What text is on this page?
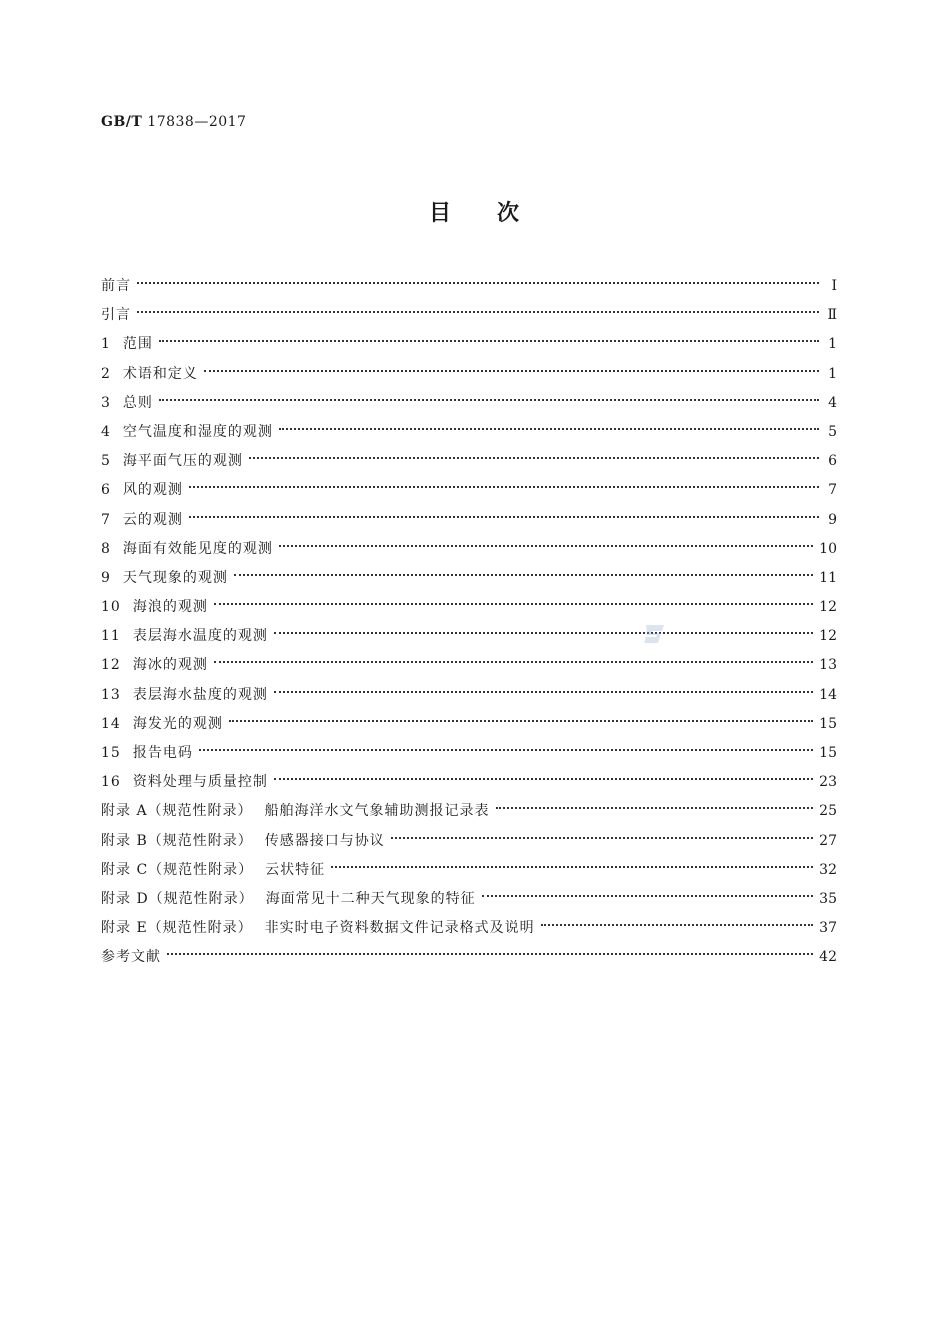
GB/T 17838—2017
目 次
前言	Ⅰ
引言	Ⅱ
1 范围	1
2 术语和定义	1
3 总则	4
4 空气温度和湿度的观测	5
5 海平面气压的观测	6
6 风的观测	7
7 云的观测	9
8 海面有效能见度的观测	10
9 天气现象的观测	11
10 海浪的观测	12
11 表层海水温度的观测	12
12 海冰的观测	13
13 表层海水盐度的观测	14
14 海发光的观测	15
15 报告电码	15
16 资料处理与质量控制	23
附录 A（规范性附录） 船舶海洋水文气象辅助测报记录表	25
附录 B（规范性附录） 传感器接口与协议	27
附录 C（规范性附录） 云状特征	32
附录 D（规范性附录） 海面常见十二种天气现象的特征	35
附录 E（规范性附录） 非实时电子资料数据文件记录格式及说明	37
参考文献	42
